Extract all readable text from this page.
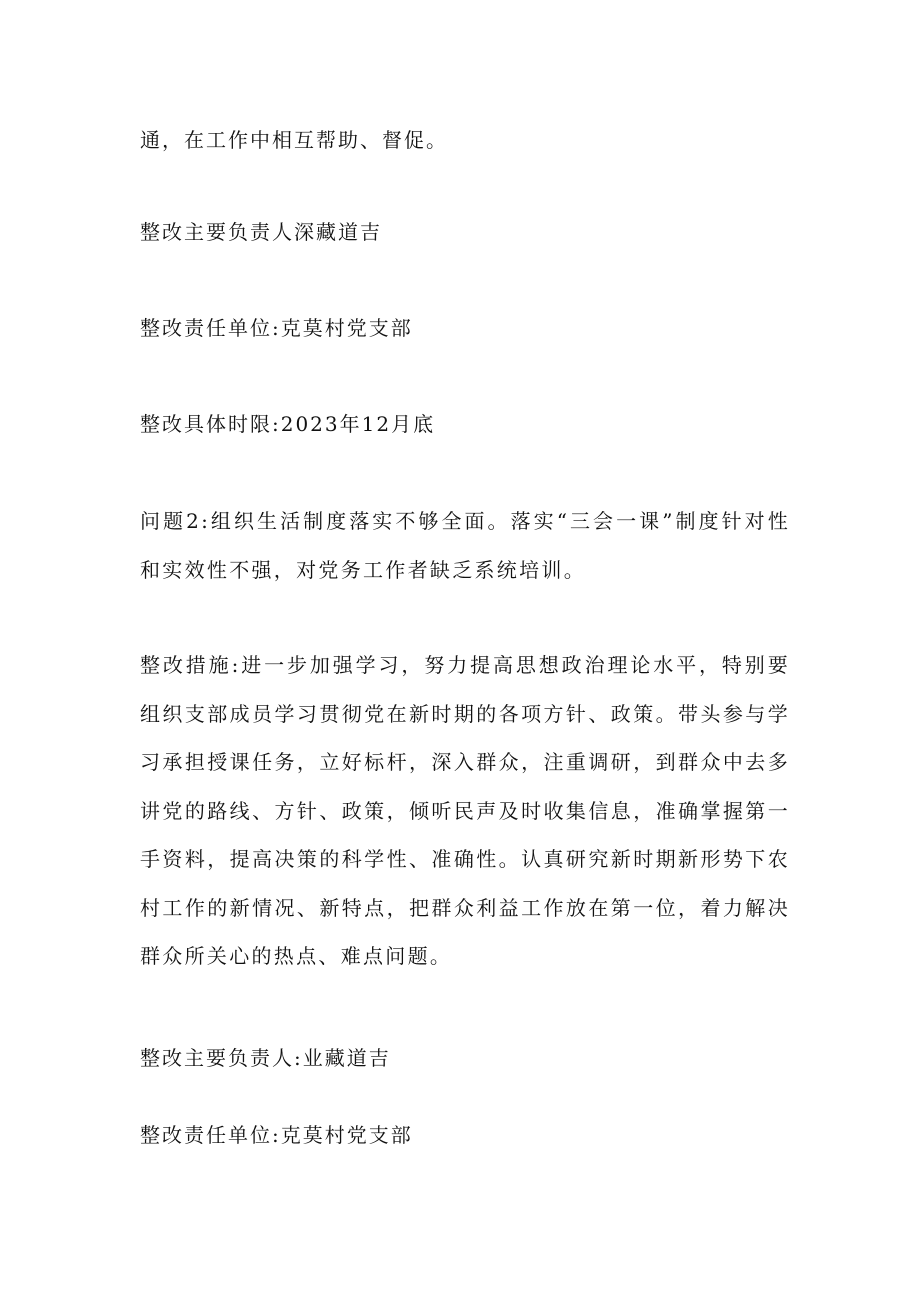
通，在工作中相互帮助、督促。
整改主要负责人深藏道吉
整改责任单位:克莫村党支部
整改具体时限:2023年12月底
问题2:组织生活制度落实不够全面。落实“三会一课”制度针对性和实效性不强，对党务工作者缺乏系统培训。
整改措施:进一步加强学习，努力提高思想政治理论水平，特别要组织支部成员学习贯彻党在新时期的各项方针、政策。带头参与学习承担授课任务，立好标杆，深入群众，注重调研，到群众中去多讲党的路线、方针、政策，倾听民声及时收集信息，准确掌握第一手资料，提高决策的科学性、准确性。认真研究新时期新形势下农村工作的新情况、新特点，把群众利益工作放在第一位，着力解决群众所关心的热点、难点问题。
整改主要负责人:业藏道吉
整改责任单位:克莫村党支部
